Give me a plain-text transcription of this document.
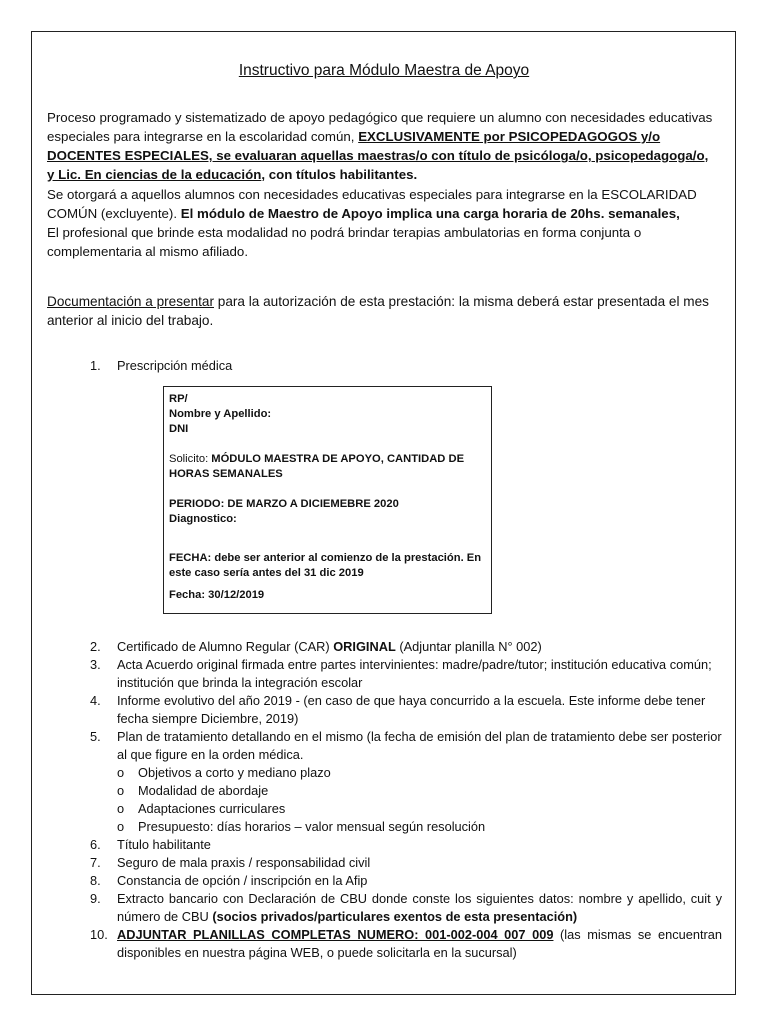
Instructivo para Módulo Maestra de Apoyo
Proceso programado y sistematizado de apoyo pedagógico que requiere un alumno con necesidades educativas especiales para integrarse en la escolaridad común, EXCLUSIVAMENTE por PSICOPEDAGOGOS y/o DOCENTES ESPECIALES, se evaluaran aquellas maestras/o con título de psicóloga/o, psicopedagoga/o, y Lic. En ciencias de la educación, con títulos habilitantes.
Se otorgará a aquellos alumnos con necesidades educativas especiales para integrarse en la ESCOLARIDAD COMÚN (excluyente). El módulo de Maestro de Apoyo implica una carga horaria de 20hs. semanales,
El profesional que brinde esta modalidad no podrá brindar terapias ambulatorias en forma conjunta o complementaria al mismo afiliado.
Documentación a presentar para la autorización de esta prestación: la misma deberá estar presentada el mes anterior al inicio del trabajo.
1. Prescripción médica
RP/
Nombre y Apellido:
DNI
Solicito: MÓDULO MAESTRA DE APOYO, CANTIDAD DE HORAS SEMANALES
PERIODO: DE MARZO A DICIEMEBRE 2020
Diagnostico:
FECHA: debe ser anterior al comienzo de la prestación. En este caso sería antes del 31 dic 2019
Fecha: 30/12/2019
2. Certificado de Alumno Regular (CAR) ORIGINAL (Adjuntar planilla N° 002)
3. Acta Acuerdo original firmada entre partes intervinientes: madre/padre/tutor; institución educativa común; institución que brinda la integración escolar
4. Informe evolutivo del año 2019 - (en caso de que haya concurrido a la escuela. Este informe debe tener fecha siempre Diciembre, 2019)
5. Plan de tratamiento detallando en el mismo (la fecha de emisión del plan de tratamiento debe ser posterior al que figure en la orden médica.
o Objetivos a corto y mediano plazo
o Modalidad de abordaje
o Adaptaciones curriculares
o Presupuesto: días horarios – valor mensual según resolución
6. Título habilitante
7. Seguro de mala praxis / responsabilidad civil
8. Constancia de opción / inscripción en la Afip
9. Extracto bancario con Declaración de CBU donde conste los siguientes datos: nombre y apellido, cuit y número de CBU (socios privados/particulares exentos de esta presentación)
10. ADJUNTAR PLANILLAS COMPLETAS NUMERO: 001-002-004 007 009 (las mismas se encuentran disponibles en nuestra página WEB, o puede solicitarla en la sucursal)
